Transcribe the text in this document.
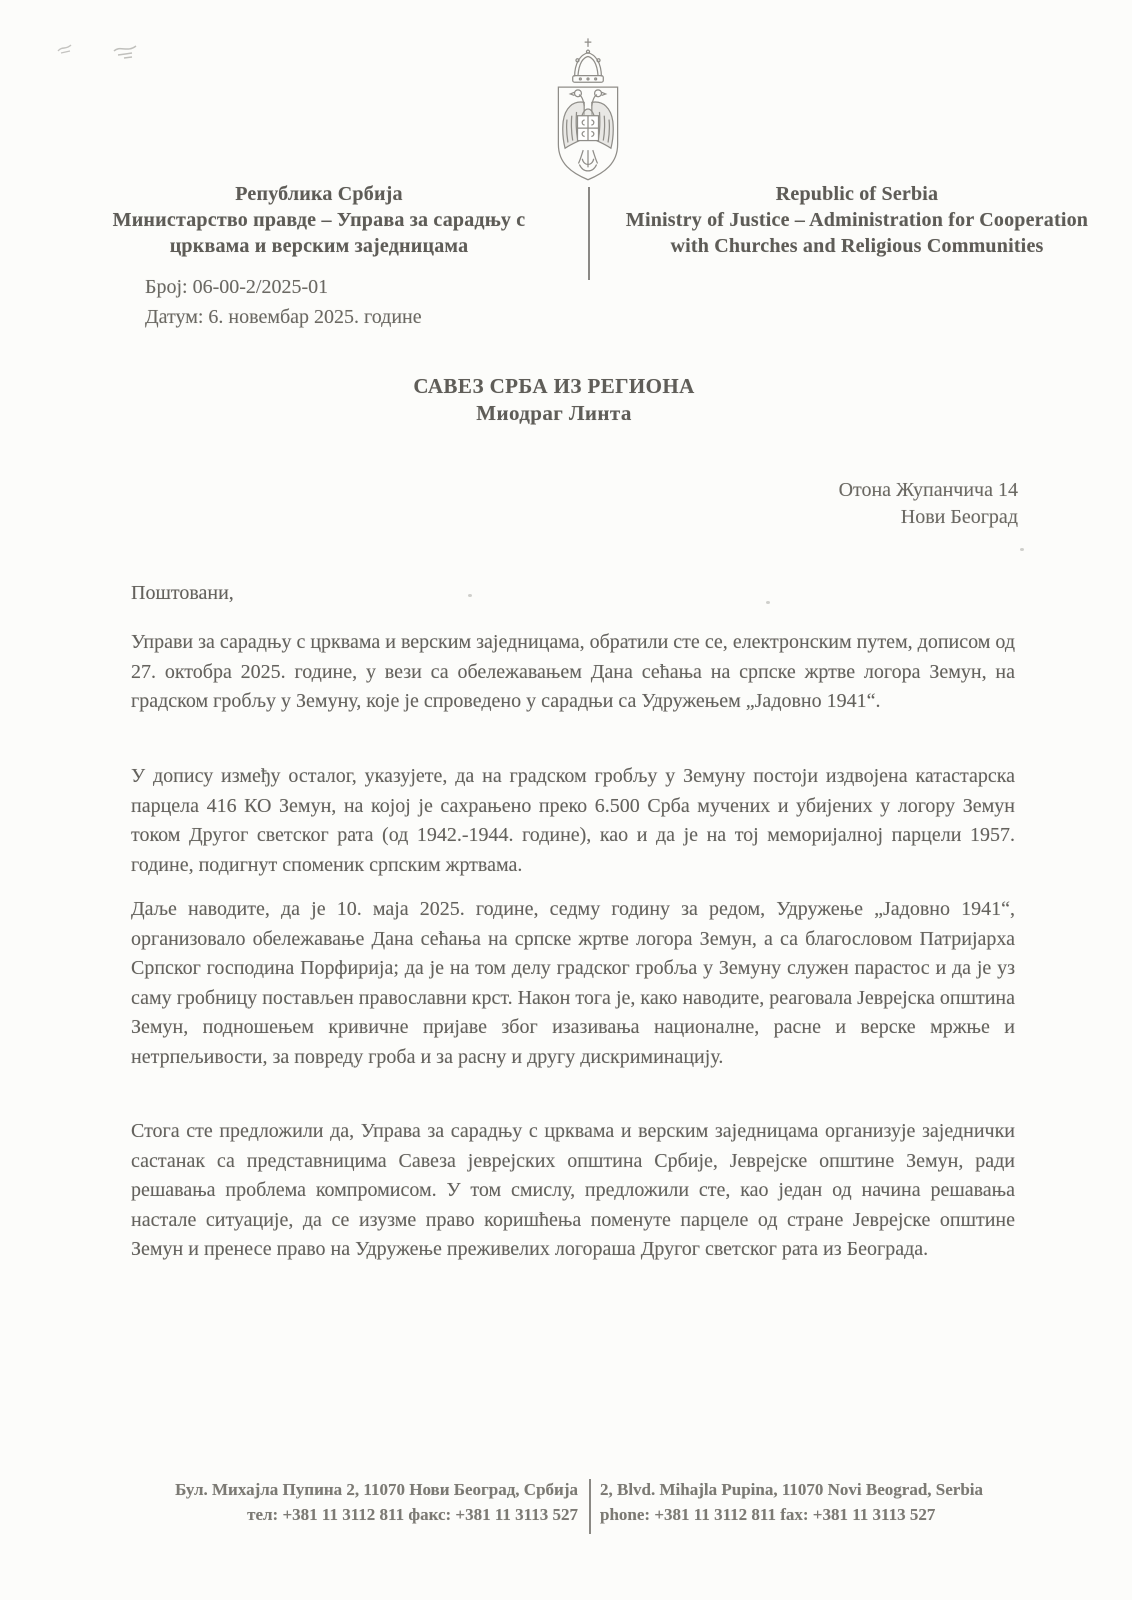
Република Србија
Министарство правде – Управа за сарадњу с
црквама и верским заједницама
Republic of Serbia
Ministry of Justice – Administration for Cooperation
with Churches and Religious Communities
Број: 06-00-2/2025-01
Датум: 6. новембар 2025. године
САВЕЗ СРБА ИЗ РЕГИОНА
Миодраг Линта
Отона Жупанчича 14
Нови Београд
Поштовани,
Управи за сарадњу с црквама и верским заједницама, обратили сте се, електронским путем, дописом од 27. октобра 2025. године, у вези са обележавањем Дана сећања на српске жртве логора Земун, на градском гробљу у Земуну, које је спроведено у сарадњи са Удружењем „Јадовно 1941“.
У допису између осталог, указујете, да на градском гробљу у Земуну постоји издвојена катастарска парцела 416 КО Земун, на којој је сахрањено преко 6.500 Срба мучених и убијених у логору Земун током Другог светског рата (од 1942.-1944. године), као и да је на тој меморијалној парцели 1957. године, подигнут споменик српским жртвама.
Даље наводите, да је 10. маја 2025. године, седму годину за редом, Удружење „Јадовно 1941“, организовало обележавање Дана сећања на српске жртве логора Земун, а са благословом Патријарха Српског господина Порфирија; да је на том делу градског гробља у Земуну служен парастос и да је уз саму гробницу постављен православни крст. Након тога је, како наводите, реаговала Јеврејска општина Земун, подношењем кривичне пријаве због изазивања националне, расне и верске мржње и нетрпељивости, за повреду гроба и за расну и другу дискриминацију.
Стога сте предложили да, Управа за сарадњу с црквама и верским заједницама организује заједнички састанак са представницима Савеза јеврејских општина Србије, Јеврејске општине Земун, ради решавања проблема компромисом. У том смислу, предложили сте, као један од начина решавања настале ситуације, да се изузме право коришћења поменуте парцеле од стране Јеврејске општине Земун и пренесе право на Удружење преживелих логораша Другог светског рата из Београда.
Бул. Михајла Пупина 2, 11070 Нови Београд, Србија
тел: +381 11 3112 811 факс: +381 11 3113 527
2, Blvd. Mihajla Pupina, 11070 Novi Beograd, Serbia
phone: +381 11 3112 811 fax: +381 11 3113 527
